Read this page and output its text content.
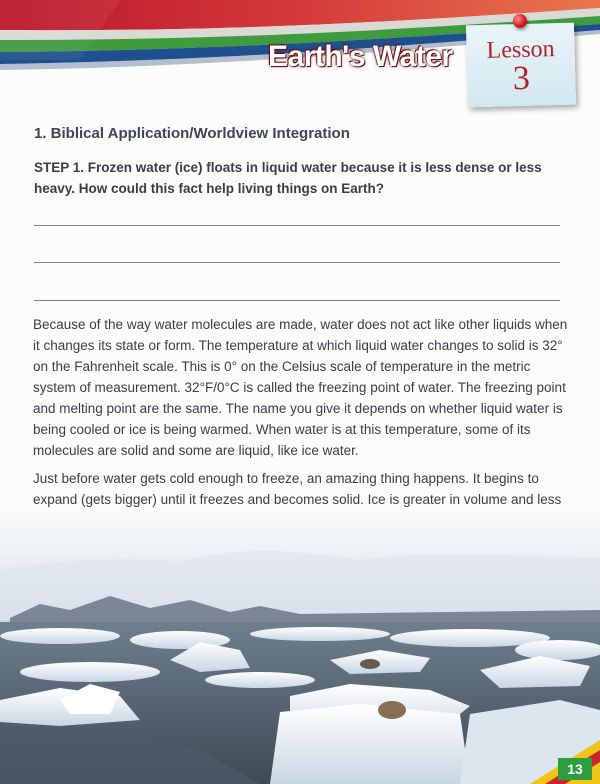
Earth's Water	Lesson
3
1. Biblical Application/Worldview Integration
STEP 1. Frozen water (ice) floats in liquid water because it is less dense or less heavy. How could this fact help living things on Earth?
Because of the way water molecules are made, water does not act like other liquids when it changes its state or form. The temperature at which liquid water changes to solid is 32° on the Fahrenheit scale. This is 0° on the Celsius scale of temperature in the metric system of measurement. 32°F/0°C is called the freezing point of water. The freezing point and melting point are the same. The name you give it depends on whether liquid water is being cooled or ice is being warmed. When water is at this temperature, some of its molecules are solid and some are liquid, like ice water.
Just before water gets cold enough to freeze, an amazing thing happens. It begins to expand (gets bigger) until it freezes and becomes solid. Ice is greater in volume and less
13
